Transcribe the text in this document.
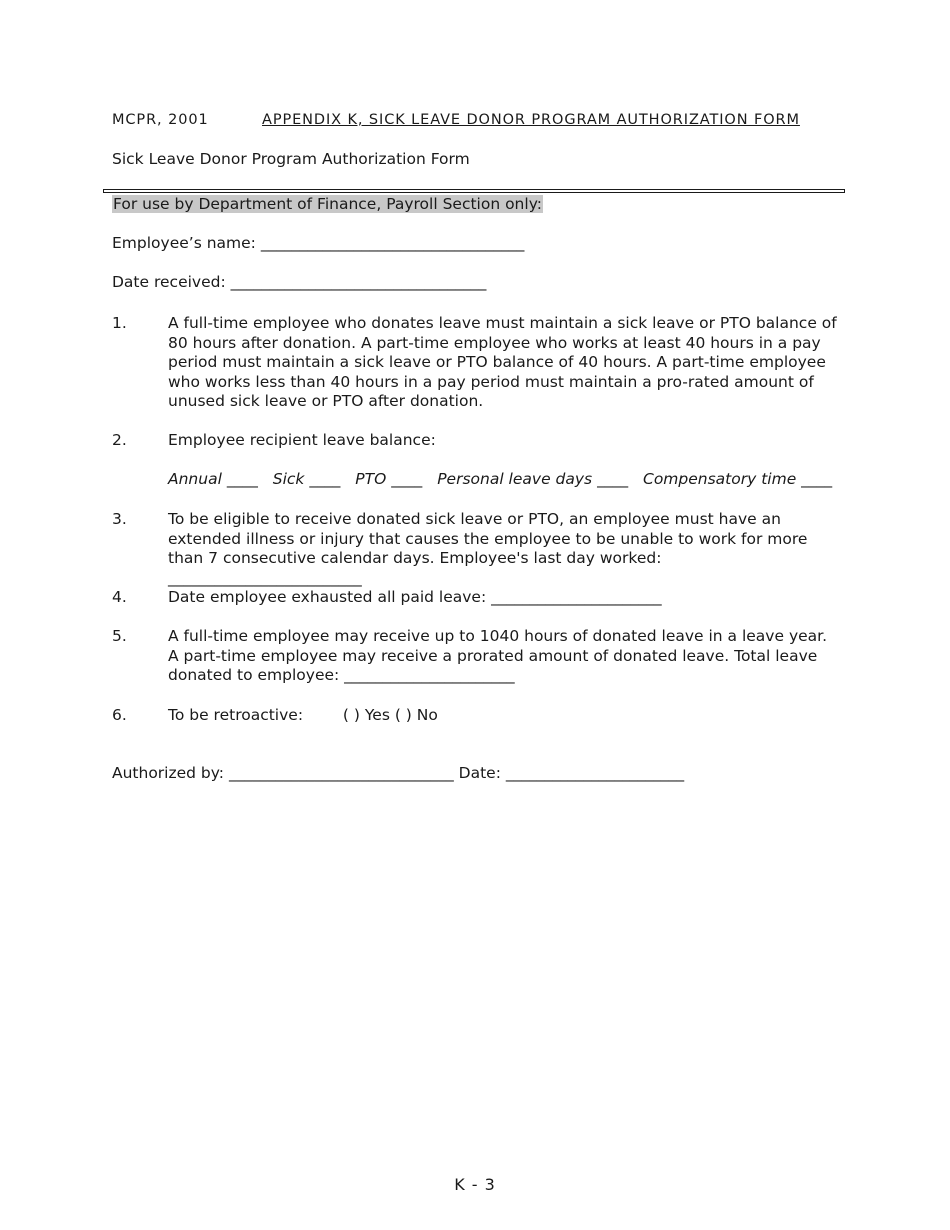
MCPR, 2001	APPENDIX K, SICK LEAVE DONOR PROGRAM AUTHORIZATION FORM
Sick Leave Donor Program Authorization Form
For use by Department of Finance, Payroll Section only:
Employee’s name: __________________________________
Date received: _________________________________
1.	A full-time employee who donates leave must maintain a sick leave or PTO balance of 80 hours after donation. A part-time employee who works at least 40 hours in a pay period must maintain a sick leave or PTO balance of 40 hours. A part-time employee who works less than 40 hours in a pay period must maintain a pro-rated amount of unused sick leave or PTO after donation.
2.	Employee recipient leave balance:
Annual ____ Sick ____ PTO ____ Personal leave days ____ Compensatory time ____
3.	To be eligible to receive donated sick leave or PTO, an employee must have an extended illness or injury that causes the employee to be unable to work for more than 7 consecutive calendar days. Employee's last day worked: _________________________
4.	Date employee exhausted all paid leave: ______________________
5.	A full-time employee may receive up to 1040 hours of donated leave in a leave year. A part-time employee may receive a prorated amount of donated leave. Total leave donated to employee: ______________________
6.	To be retroactive:	( ) Yes ( ) No
Authorized by: _____________________________ Date: _______________________
K - 3
